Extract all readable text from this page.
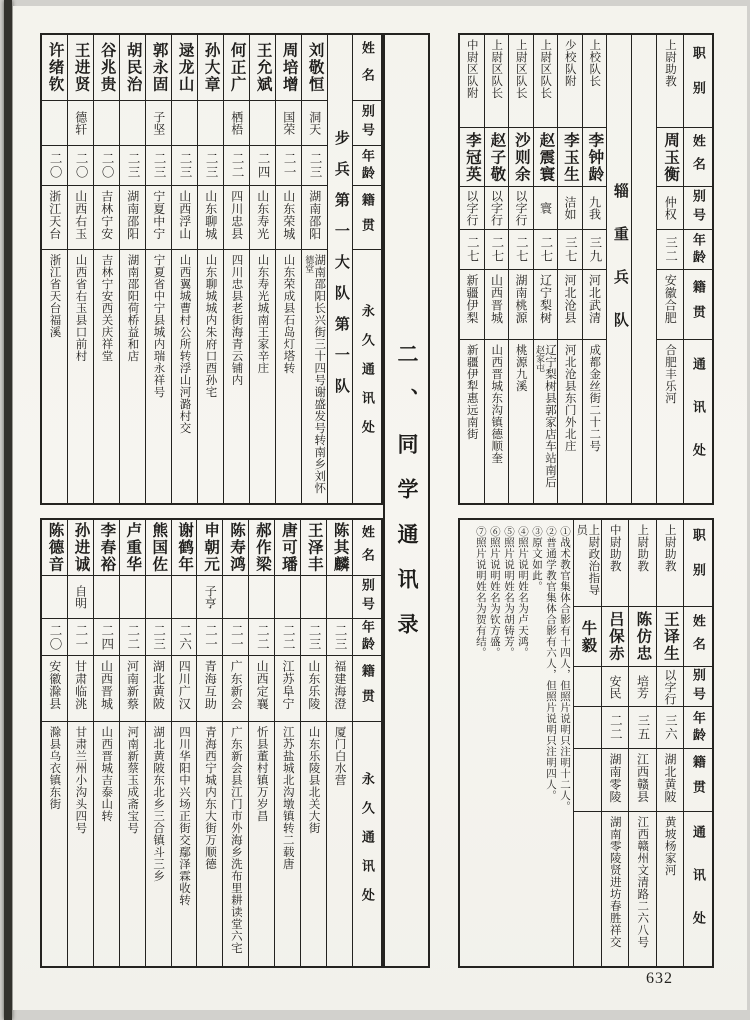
刘敬恒
洞天
二三
湖南邵阳
湖南邵阳长兴街三十四号谢盛发号转南乡刘怀
德堂
周培增
国荣
二一
山东荣城
山东荣成县石岛灯塔转
王允斌
二四
山东寿光
山东寿光城南王家辛庄
何正广
栖梧
二二
四川忠县
四川忠县老街海青云铺内
孙大章
二三
山东聊城
山东聊城城内朱府口酉孙宅
逯龙山
二三
山西浮山
山西翼城曹村公所转浮山河潞村交
郭永固
子坚
二三
宁夏中宁
宁夏省中宁县城内瑞永祥号
胡民治
二三
湖南邵阳
湖南邵阳荷桥益和店
谷兆贵
二〇
吉林宁安
吉林宁安西关庆祥堂
王进贤
德轩
二〇
山西右玉
山西省右玉县口前村
许绪钦
二〇
浙江天台
浙江省天台福溪	步兵第一大队第一队
姓名
别号
年龄
籍贯
永久通讯处 二、同学通讯录
上校队长
李钟龄
九我
三九
河北武清
成都金丝街二十二号
少校队附
李玉生
洁如
三七
河北沧县
河北沧县东门外北庄
上尉区队长
赵震寰
寰
二七
辽宁梨树
辽宁梨树县郭家店车站南后
赵家屯
上尉区队长
沙则余
以字行
二七
湖南桃源
桃源九溪
上尉区队长
赵子敬
以字行
二七
山西晋城
山西晋城东沟镇德顺奎
中尉区队附
李冠英
以字行
二七
新疆伊梨
新疆伊犁惠远南街
辎重兵队
上尉助教
周玉衡
仲权
三二
安徽合肥
合肥丰乐河
职别
姓名
别号
年龄
籍贯
通讯处
陈其麟
二三
福建海澄
厦门白水营
王泽丰
二三
山东乐陵
山东乐陵县北关大街
唐可璠
二二
江苏阜宁
江苏盐城北沟墩镇转二载唐
郝作梁
二二
山西定襄
忻县董村镇万岁昌
陈寿鸿
二一
广东新会
广东新会县江门市外海乡洗布里耕读堂六宅
申朝元
子亨
二一
青海互助
青海西宁城内东大街万顺德
谢鹤年
二六
四川广汉
四川华阳中兴场正街交鄢泽霖收转
熊国佐
二三
湖北黄陂
湖北黄陂东北乡三合镇斗三乡
卢重华
二二
河南新蔡
河南新蔡玉成斋宝号
李春裕
二四
山西晋城
山西晋城吉泰山转
孙进诚
自明
二一
甘肃临洮
甘肃兰州小沟头四号
陈德音
二〇
安徽滁县
滁县乌衣镇东街
姓名
别号
年龄
籍贯
永久通讯处
①战术教官集体合影有十四人，但照片说明只注明十二人。
②普通学教官集体合影有六人，但照片说明只注明四人。
③原文如此。
④照片说明姓名为卢天鸿。
⑤照片说明姓名为胡铸芳。
⑥照片说明姓名为钦方盛。
⑦照片说明姓名为贺有结。	上尉助教
王译生
以字行
三六
湖北黄陂
黄坡杨家河
上尉助教
陈仿忠
培芳
三五
江西赣县
江西赣州文清路二六八号
中尉助教
吕保赤
安民
二二
湖南零陵
湖南零陵贤进坊春胜祥交
上尉政治指导员
牛毅
职别
姓名
别号
年龄
籍贯
通讯处
632
